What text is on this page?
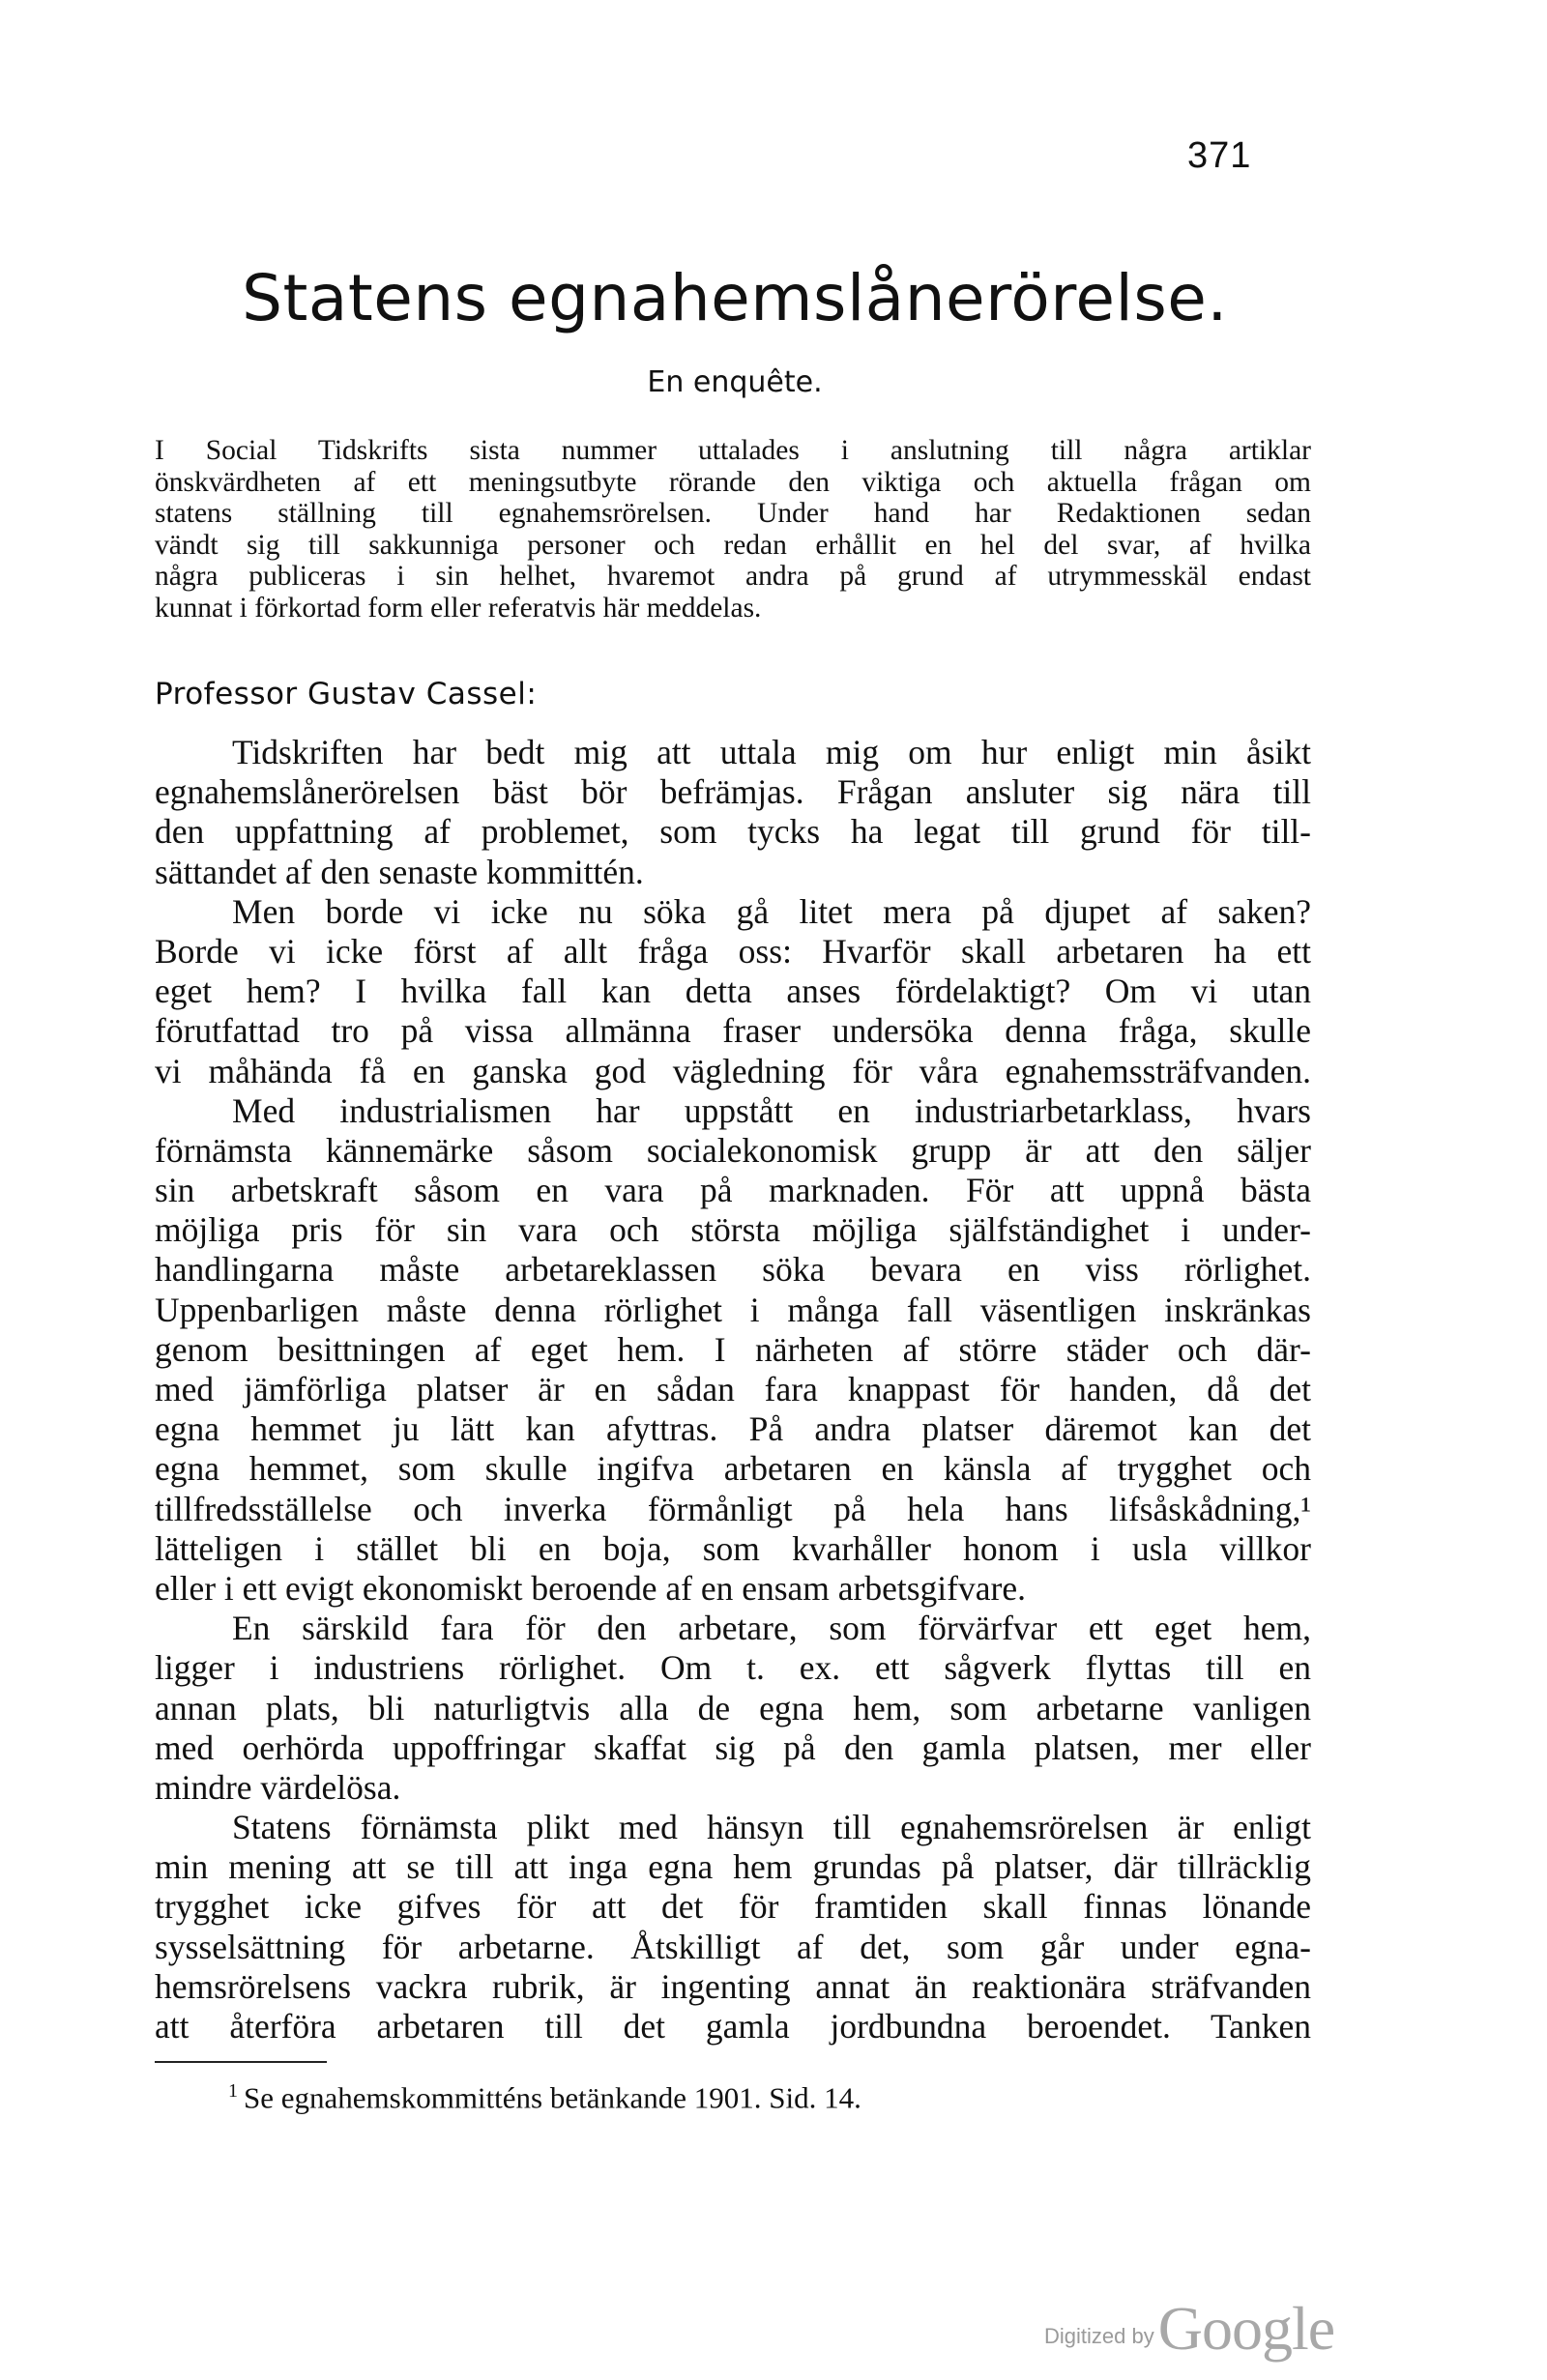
371
Statens egnahemslånerörelse.
En enquête.
I Social Tidskrifts sista nummer uttalades i anslutning till några artiklar
önskvärdheten af ett meningsutbyte rörande den viktiga och aktuella frågan om
statens ställning till egnahemsrörelsen. Under hand har Redaktionen sedan
vändt sig till sakkunniga personer och redan erhållit en hel del svar, af hvilka
några publiceras i sin helhet, hvaremot andra på grund af utrymmesskäl endast
kunnat i förkortad form eller referatvis här meddelas.
Professor Gustav Cassel:
Tidskriften har bedt mig att uttala mig om hur enligt min åsikt
egnahemslånerörelsen bäst bör befrämjas. Frågan ansluter sig nära till
den uppfattning af problemet, som tycks ha legat till grund för till-
sättandet af den senaste kommittén.
Men borde vi icke nu söka gå litet mera på djupet af saken?
Borde vi icke först af allt fråga oss: Hvarför skall arbetaren ha ett
eget hem? I hvilka fall kan detta anses fördelaktigt? Om vi utan
förutfattad tro på vissa allmänna fraser undersöka denna fråga, skulle
vi måhända få en ganska god vägledning för våra egnahemssträfvanden.
Med industrialismen har uppstått en industriarbetarklass, hvars
förnämsta kännemärke såsom socialekonomisk grupp är att den säljer
sin arbetskraft såsom en vara på marknaden. För att uppnå bästa
möjliga pris för sin vara och största möjliga själfständighet i under-
handlingarna måste arbetareklassen söka bevara en viss rörlighet.
Uppenbarligen måste denna rörlighet i många fall väsentligen inskränkas
genom besittningen af eget hem. I närheten af större städer och där-
med jämförliga platser är en sådan fara knappast för handen, då det
egna hemmet ju lätt kan afyttras. På andra platser däremot kan det
egna hemmet, som skulle ingifva arbetaren en känsla af trygghet och
tillfredsställelse och inverka förmånligt på hela hans lifsåskådning,¹
lätteligen i stället bli en boja, som kvarhåller honom i usla villkor
eller i ett evigt ekonomiskt beroende af en ensam arbetsgifvare.
En särskild fara för den arbetare, som förvärfvar ett eget hem,
ligger i industriens rörlighet. Om t. ex. ett sågverk flyttas till en
annan plats, bli naturligtvis alla de egna hem, som arbetarne vanligen
med oerhörda uppoffringar skaffat sig på den gamla platsen, mer eller
mindre värdelösa.
Statens förnämsta plikt med hänsyn till egnahemsrörelsen är enligt
min mening att se till att inga egna hem grundas på platser, där tillräcklig
trygghet icke gifves för att det för framtiden skall finnas lönande
sysselsättning för arbetarne. Åtskilligt af det, som går under egna-
hemsrörelsens vackra rubrik, är ingenting annat än reaktionära sträfvanden
att återföra arbetaren till det gamla jordbundna beroendet. Tanken
$^1$ Se egnahemskommitténs betänkande 1901. Sid. 14.
Digitized by Google
